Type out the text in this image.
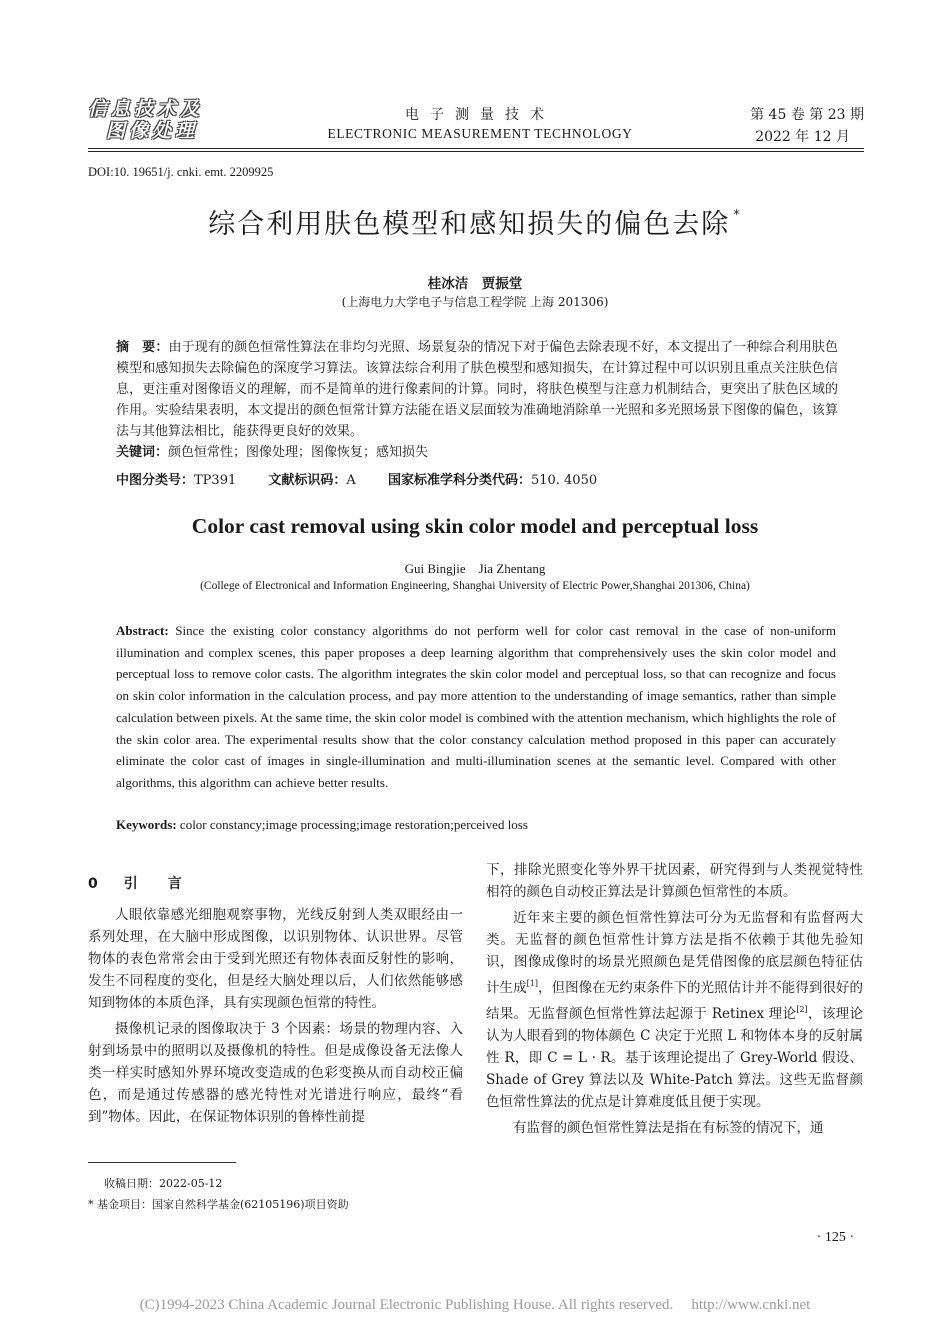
信息技术及
图像处理
电子测量技术
ELECTRONIC MEASUREMENT TECHNOLOGY
第 45 卷 第 23 期
2022 年 12 月
DOI:10. 19651/j. cnki. emt. 2209925
综合利用肤色模型和感知损失的偏色去除 *
桂冰洁　贾振堂
(上海电力大学电子与信息工程学院 上海 201306)
摘　要：由于现有的颜色恒常性算法在非均匀光照、场景复杂的情况下对于偏色去除表现不好，本文提出了一种综合利用肤色模型和感知损失去除偏色的深度学习算法。该算法综合利用了肤色模型和感知损失，在计算过程中可以识别且重点关注肤色信息，更注重对图像语义的理解，而不是简单的进行像素间的计算。同时，将肤色模型与注意力机制结合，更突出了肤色区域的作用。实验结果表明，本文提出的颜色恒常计算方法能在语义层面较为准确地消除单一光照和多光照场景下图像的偏色，该算法与其他算法相比，能获得更良好的效果。
关键词：颜色恒常性；图像处理；图像恢复；感知损失
中图分类号：TP391 文献标识码：A 国家标准学科分类代码：510. 4050
Color cast removal using skin color model and perceptual loss
Gui Bingjie　Jia Zhentang
(College of Electronical and Information Engineering, Shanghai University of Electric Power,Shanghai 201306, China)
Abstract: Since the existing color constancy algorithms do not perform well for color cast removal in the case of non-uniform illumination and complex scenes, this paper proposes a deep learning algorithm that comprehensively uses the skin color model and perceptual loss to remove color casts. The algorithm integrates the skin color model and perceptual loss, so that can recognize and focus on skin color information in the calculation process, and pay more attention to the understanding of image semantics, rather than simple calculation between pixels. At the same time, the skin color model is combined with the attention mechanism, which highlights the role of the skin color area. The experimental results show that the color constancy calculation method proposed in this paper can accurately eliminate the color cast of images in single-illumination and multi-illumination scenes at the semantic level. Compared with other algorithms, this algorithm can achieve better results.
Keywords: color constancy;image processing;image restoration;perceived loss
0 引言

人眼依靠感光细胞观察事物，光线反射到人类双眼经由一系列处理，在大脑中形成图像，以识别物体、认识世界。尽管物体的表色常常会由于受到光照还有物体表面反射性的影响，发生不同程度的变化，但是经大脑处理以后，人们依然能够感知到物体的本质色泽，具有实现颜色恒常的特性。

摄像机记录的图像取决于 3 个因素：场景的物理内容、入射到场景中的照明以及摄像机的特性。但是成像设备无法像人类一样实时感知外界环境改变造成的色彩变换从而自动校正偏色，而是通过传感器的感光特性对光谱进行响应，最终“看到”物体。因此，在保证物体识别的鲁棒性前提

下，排除光照变化等外界干扰因素，研究得到与人类视觉特性相符的颜色自动校正算法是计算颜色恒常性的本质。

近年来主要的颜色恒常性算法可分为无监督和有监督两大类。无监督的颜色恒常性计算方法是指不依赖于其他先验知识，图像成像时的场景光照颜色是凭借图像的底层颜色特征估计生成[1]，但图像在无约束条件下的光照估计并不能得到很好的结果。无监督颜色恒常性算法起源于 Retinex 理论[2]，该理论认为人眼看到的物体颜色 C 决定于光照 L 和物体本身的反射属性 R，即 C = L · R。基于该理论提出了 Grey-World 假设、Shade of Grey 算法以及 White-Patch 算法。这些无监督颜色恒常性算法的优点是计算难度低且便于实现。

有监督的颜色恒常性算法是指在有标签的情况下，通

收稿日期：2022-05-12
* 基金项目：国家自然科学基金(62105196)项目资助
· 125 ·
(C)1994-2023 China Academic Journal Electronic Publishing House. All rights reserved. http://www.cnki.net
